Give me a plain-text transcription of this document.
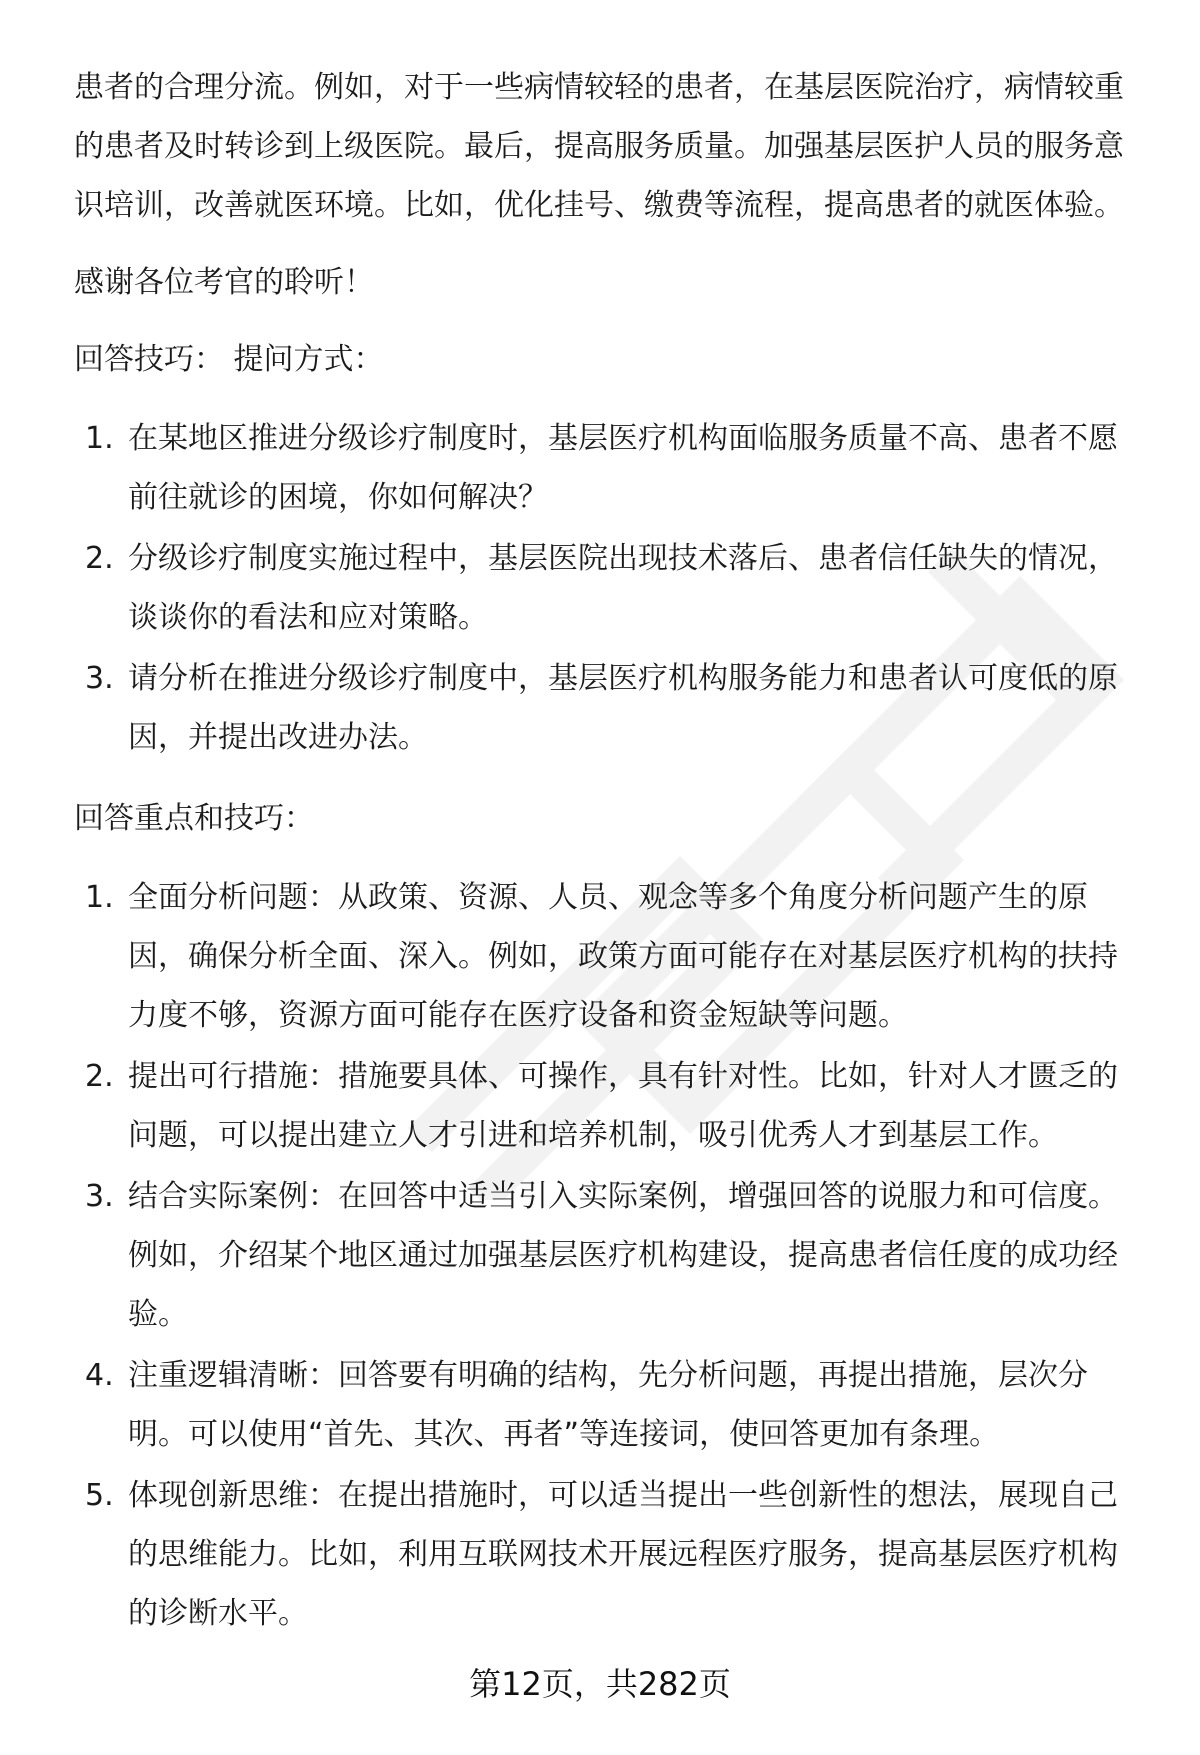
患者的合理分流。例如，对于一些病情较轻的患者，在基层医院治疗，病情较重的患者及时转诊到上级医院。最后，提高服务质量。加强基层医护人员的服务意识培训，改善就医环境。比如，优化挂号、缴费等流程，提高患者的就医体验。

感谢各位考官的聆听！

回答技巧： 提问方式：

1. 在某地区推进分级诊疗制度时，基层医疗机构面临服务质量不高、患者不愿前往就诊的困境，你如何解决？
2. 分级诊疗制度实施过程中，基层医院出现技术落后、患者信任缺失的情况，谈谈你的看法和应对策略。
3. 请分析在推进分级诊疗制度中，基层医疗机构服务能力和患者认可度低的原因，并提出改进办法。

回答重点和技巧：

1. 全面分析问题：从政策、资源、人员、观念等多个角度分析问题产生的原因，确保分析全面、深入。例如，政策方面可能存在对基层医疗机构的扶持力度不够，资源方面可能存在医疗设备和资金短缺等问题。
2. 提出可行措施：措施要具体、可操作，具有针对性。比如，针对人才匮乏的问题，可以提出建立人才引进和培养机制，吸引优秀人才到基层工作。
3. 结合实际案例：在回答中适当引入实际案例，增强回答的说服力和可信度。例如，介绍某个地区通过加强基层医疗机构建设，提高患者信任度的成功经验。
4. 注重逻辑清晰：回答要有明确的结构，先分析问题，再提出措施，层次分明。可以使用“首先、其次、再者”等连接词，使回答更加有条理。
5. 体现创新思维：在提出措施时，可以适当提出一些创新性的想法，展现自己的思维能力。比如，利用互联网技术开展远程医疗服务，提高基层医疗机构的诊断水平。
第12页，共282页
